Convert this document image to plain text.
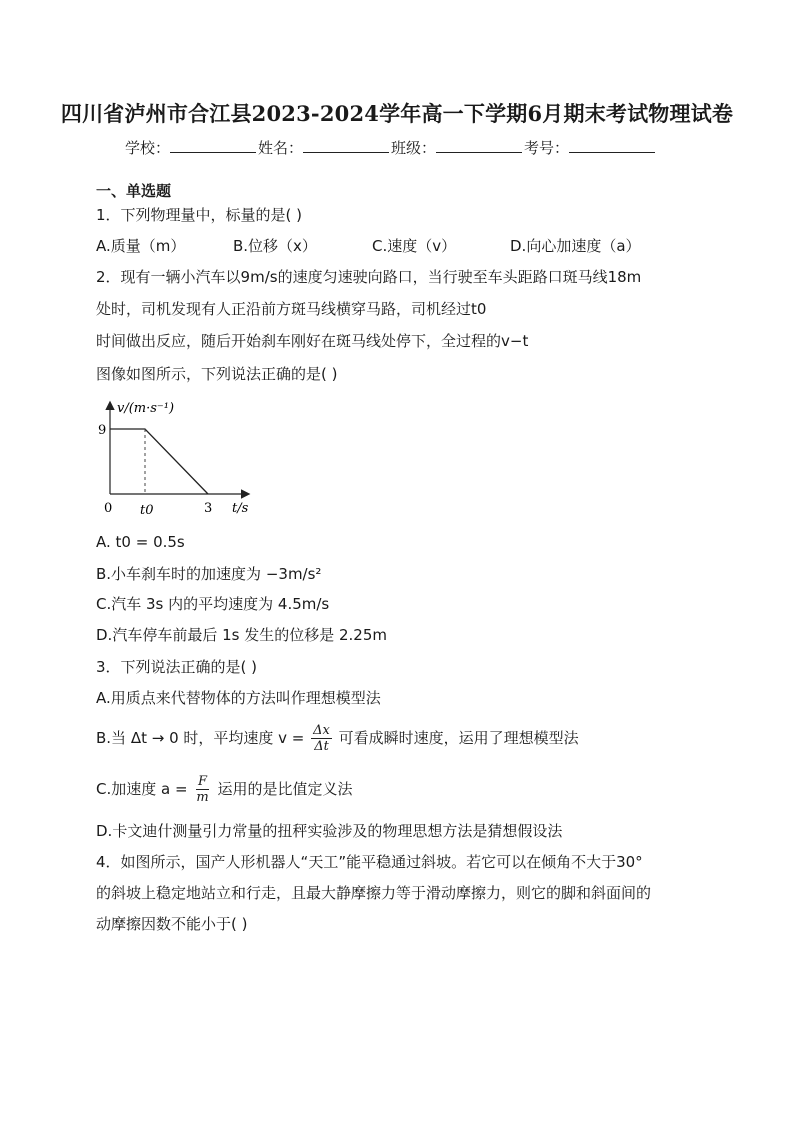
四川省泸州市合江县2023-2024学年高一下学期6月期末考试物理试卷
学校：	姓名：	班级：	考号：
一、单选题
1．下列物理量中，标量的是( )
A.质量（m）	B.位移（x）	C.速度（v）	D.向心加速度（a）
2．现有一辆小汽车以9m/s的速度匀速驶向路口，当行驶至车头距路口斑马线18m
处时，司机发现有人正沿前方斑马线横穿马路，司机经过t0
时间做出反应，随后开始刹车刚好在斑马线处停下，全过程的v−t
图像如图所示，下列说法正确的是( )
v/(m·s⁻¹)
9
0 t0	3 t/s
A. t0 = 0.5s
B.小车刹车时的加速度为 −3m/s²
C.汽车 3s 内的平均速度为 4.5m/s
D.汽车停车前最后 1s 发生的位移是 2.25m
3．下列说法正确的是( )
A.用质点来代替物体的方法叫作理想模型法
B.当 Δt → 0 时，平均速度 $v = \frac{\Delta x}{\Delta t}$ 可看成瞬时速度，运用了理想模型法
C.加速度 $a = \frac{F}{m}$ 运用的是比值定义法
D.卡文迪什测量引力常量的扭秤实验涉及的物理思想方法是猜想假设法
4．如图所示，国产人形机器人“天工”能平稳通过斜坡。若它可以在倾角不大于30°
的斜坡上稳定地站立和行走，且最大静摩擦力等于滑动摩擦力，则它的脚和斜面间的
动摩擦因数不能小于( )
